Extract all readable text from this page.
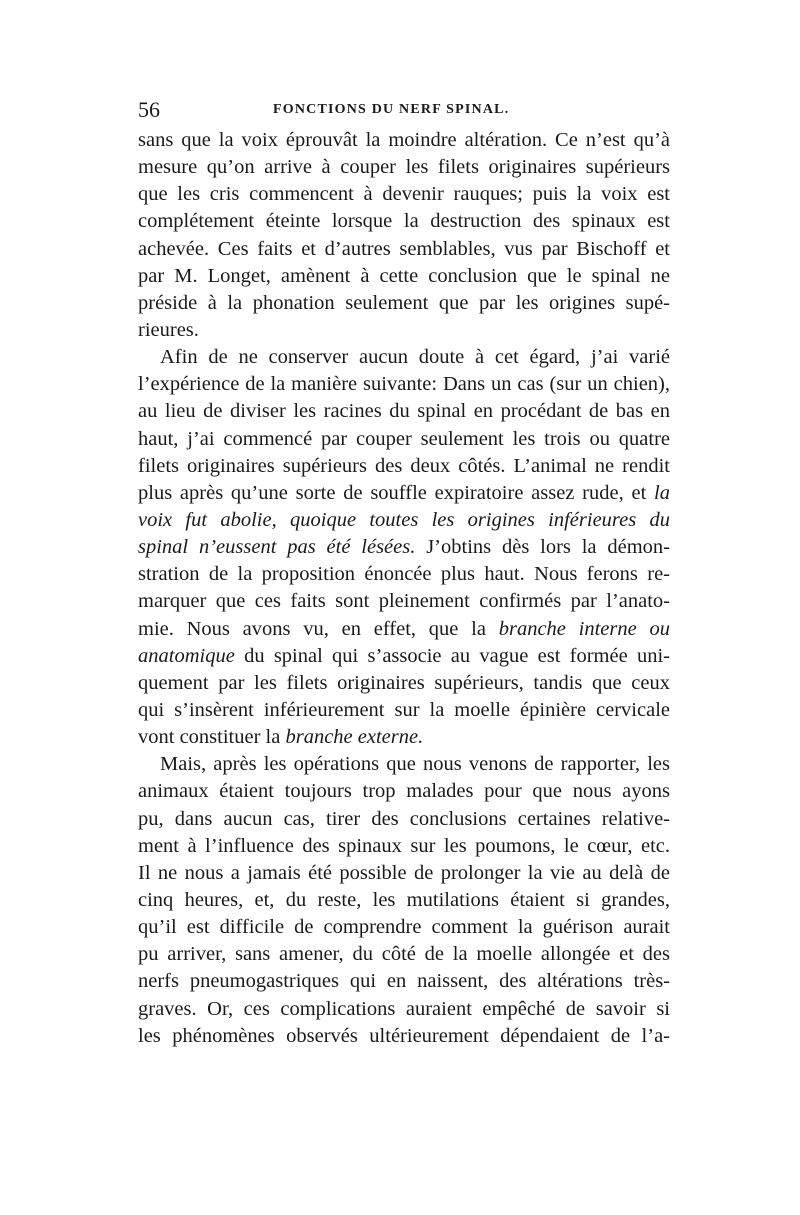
56	FONCTIONS DU NERF SPINAL.
sans que la voix éprouvât la moindre altération. Ce n’est qu’à
mesure qu’on arrive à couper les filets originaires supérieurs
que les cris commencent à devenir rauques; puis la voix est
complétement éteinte lorsque la destruction des spinaux est
achevée. Ces faits et d’autres semblables, vus par Bischoff et
par M. Longet, amènent à cette conclusion que le spinal ne
préside à la phonation seulement que par les origines supé-
rieures.
Afin de ne conserver aucun doute à cet égard, j’ai varié
l’expérience de la manière suivante: Dans un cas (sur un chien),
au lieu de diviser les racines du spinal en procédant de bas en
haut, j’ai commencé par couper seulement les trois ou quatre
filets originaires supérieurs des deux côtés. L’animal ne rendit
plus après qu’une sorte de souffle expiratoire assez rude, et la
voix fut abolie, quoique toutes les origines inférieures du
spinal n’eussent pas été lésées. J’obtins dès lors la démon-
stration de la proposition énoncée plus haut. Nous ferons re-
marquer que ces faits sont pleinement confirmés par l’anato-
mie. Nous avons vu, en effet, que la branche interne ou
anatomique du spinal qui s’associe au vague est formée uni-
quement par les filets originaires supérieurs, tandis que ceux
qui s’insèrent inférieurement sur la moelle épinière cervicale
vont constituer la branche externe.
Mais, après les opérations que nous venons de rapporter, les
animaux étaient toujours trop malades pour que nous ayons
pu, dans aucun cas, tirer des conclusions certaines relative-
ment à l’influence des spinaux sur les poumons, le cœur, etc.
Il ne nous a jamais été possible de prolonger la vie au delà de
cinq heures, et, du reste, les mutilations étaient si grandes,
qu’il est difficile de comprendre comment la guérison aurait
pu arriver, sans amener, du côté de la moelle allongée et des
nerfs pneumogastriques qui en naissent, des altérations très-
graves. Or, ces complications auraient empêché de savoir si
les phénomènes observés ultérieurement dépendaient de l’a-
